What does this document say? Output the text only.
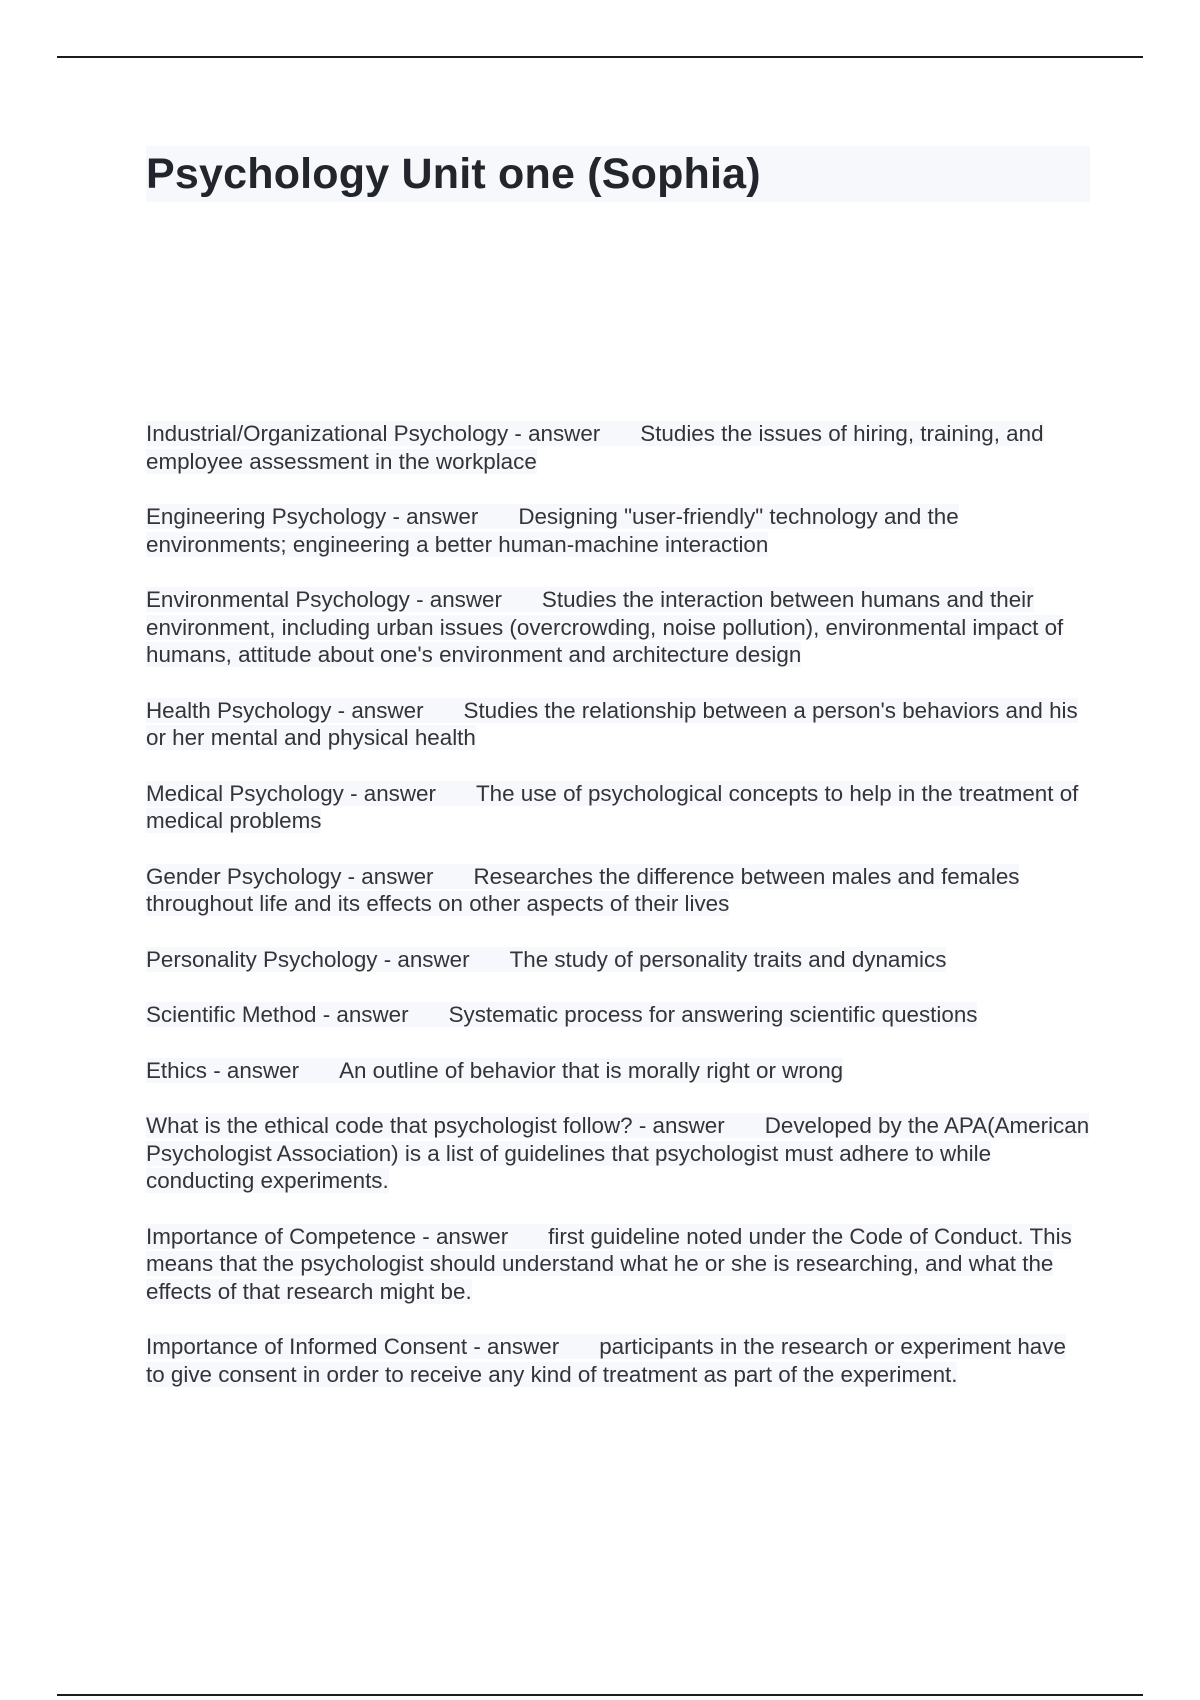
Psychology Unit one (Sophia)

Industrial/Organizational Psychology - answer Studies the issues of hiring, training, and employee assessment in the workplace

Engineering Psychology - answer Designing "user-friendly" technology and the environments; engineering a better human-machine interaction

Environmental Psychology - answer Studies the interaction between humans and their environment, including urban issues (overcrowding, noise pollution), environmental impact of humans, attitude about one's environment and architecture design

Health Psychology - answer Studies the relationship between a person's behaviors and his or her mental and physical health

Medical Psychology - answer The use of psychological concepts to help in the treatment of medical problems

Gender Psychology - answer Researches the difference between males and females throughout life and its effects on other aspects of their lives

Personality Psychology - answer The study of personality traits and dynamics

Scientific Method - answer Systematic process for answering scientific questions

Ethics - answer An outline of behavior that is morally right or wrong

What is the ethical code that psychologist follow? - answer Developed by the APA(American Psychologist Association) is a list of guidelines that psychologist must adhere to while conducting experiments.

Importance of Competence - answer first guideline noted under the Code of Conduct. This means that the psychologist should understand what he or she is researching, and what the effects of that research might be.

Importance of Informed Consent - answer participants in the research or experiment have to give consent in order to receive any kind of treatment as part of the experiment.
